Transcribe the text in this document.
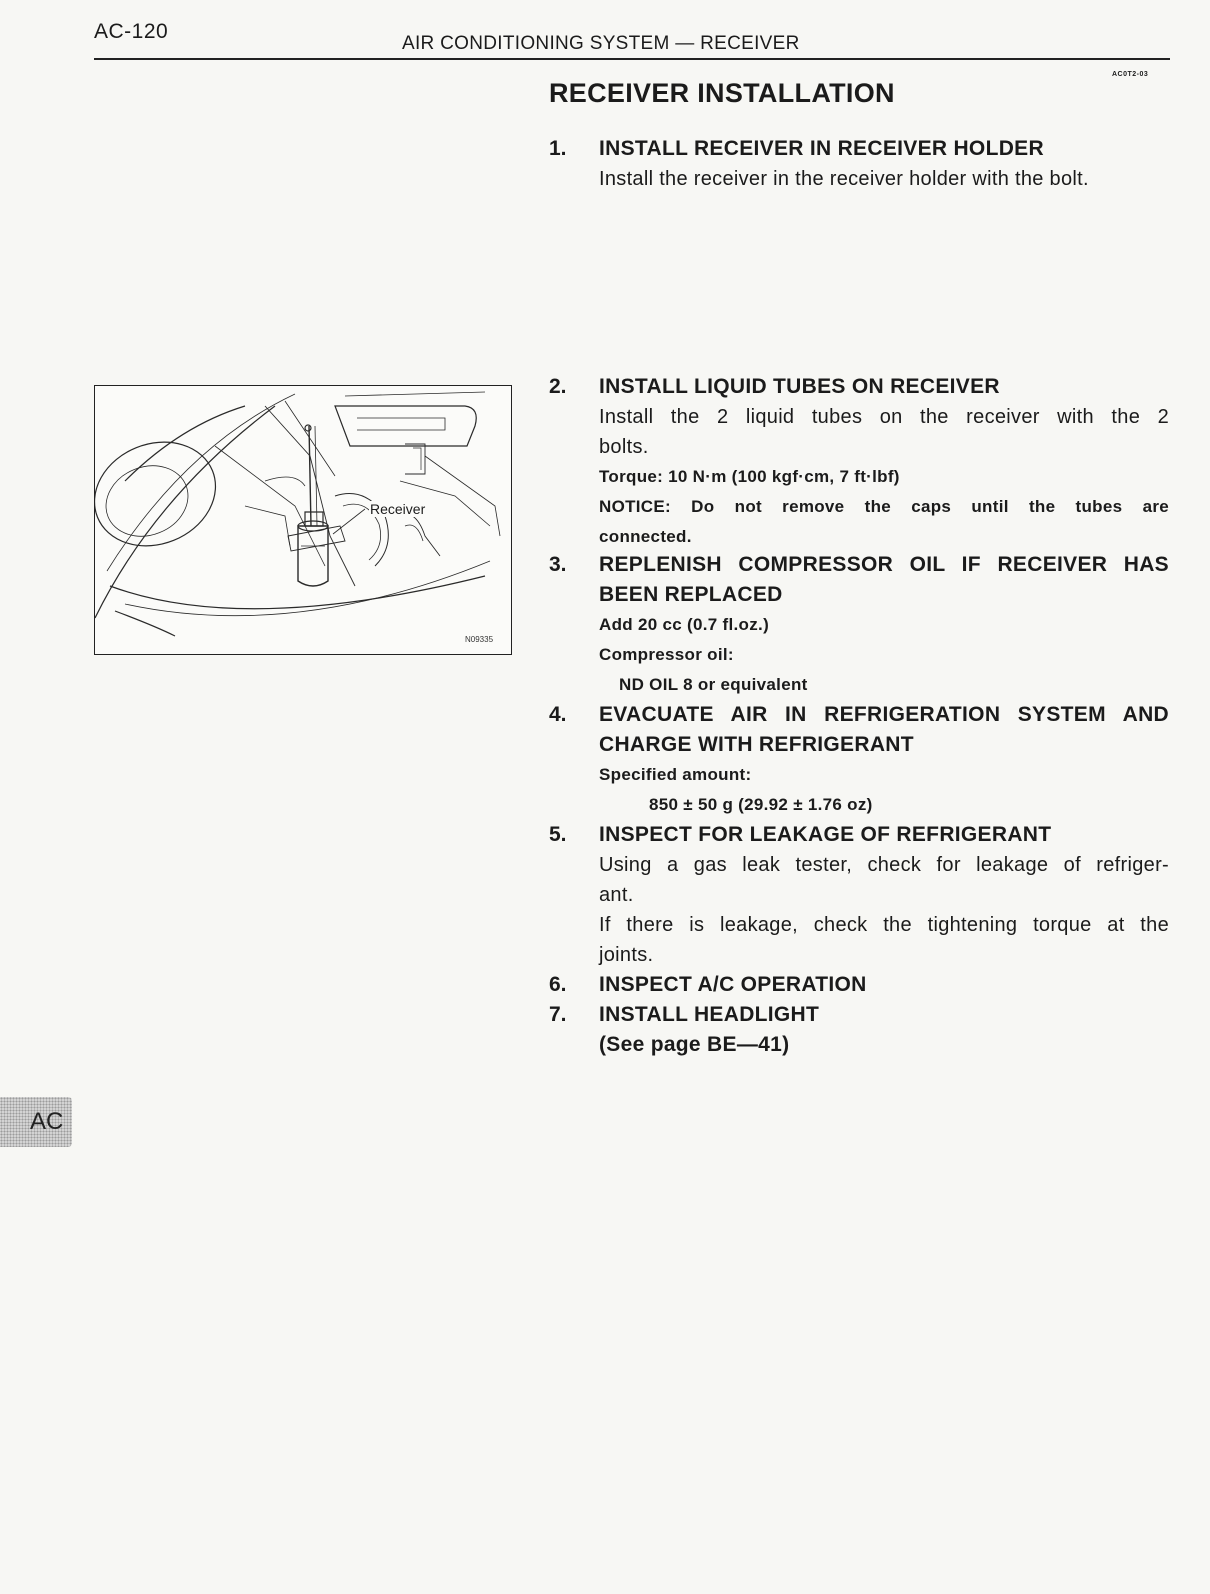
AC-120
AIR CONDITIONING SYSTEM — RECEIVER
AC0T2-03
RECEIVER INSTALLATION
Receiver
N09335
1. INSTALL RECEIVER IN RECEIVER HOLDER
Install the receiver in the receiver holder with the bolt.
2. INSTALL LIQUID TUBES ON RECEIVER
Install the 2 liquid tubes on the receiver with the 2
bolts.
Torque: 10 N·m (100 kgf·cm, 7 ft·lbf)
NOTICE: Do not remove the caps until the tubes are
connected.
3. REPLENISH COMPRESSOR OIL IF RECEIVER HAS
BEEN REPLACED
Add 20 cc (0.7 fl.oz.)
Compressor oil:
ND OIL 8 or equivalent
4. EVACUATE AIR IN REFRIGERATION SYSTEM AND
CHARGE WITH REFRIGERANT
Specified amount:
850 ± 50 g (29.92 ± 1.76 oz)
5. INSPECT FOR LEAKAGE OF REFRIGERANT
Using a gas leak tester, check for leakage of refriger-
ant.
If there is leakage, check the tightening torque at the
joints.
6. INSPECT A/C OPERATION
7. INSTALL HEADLIGHT
(See page BE—41)
AC
